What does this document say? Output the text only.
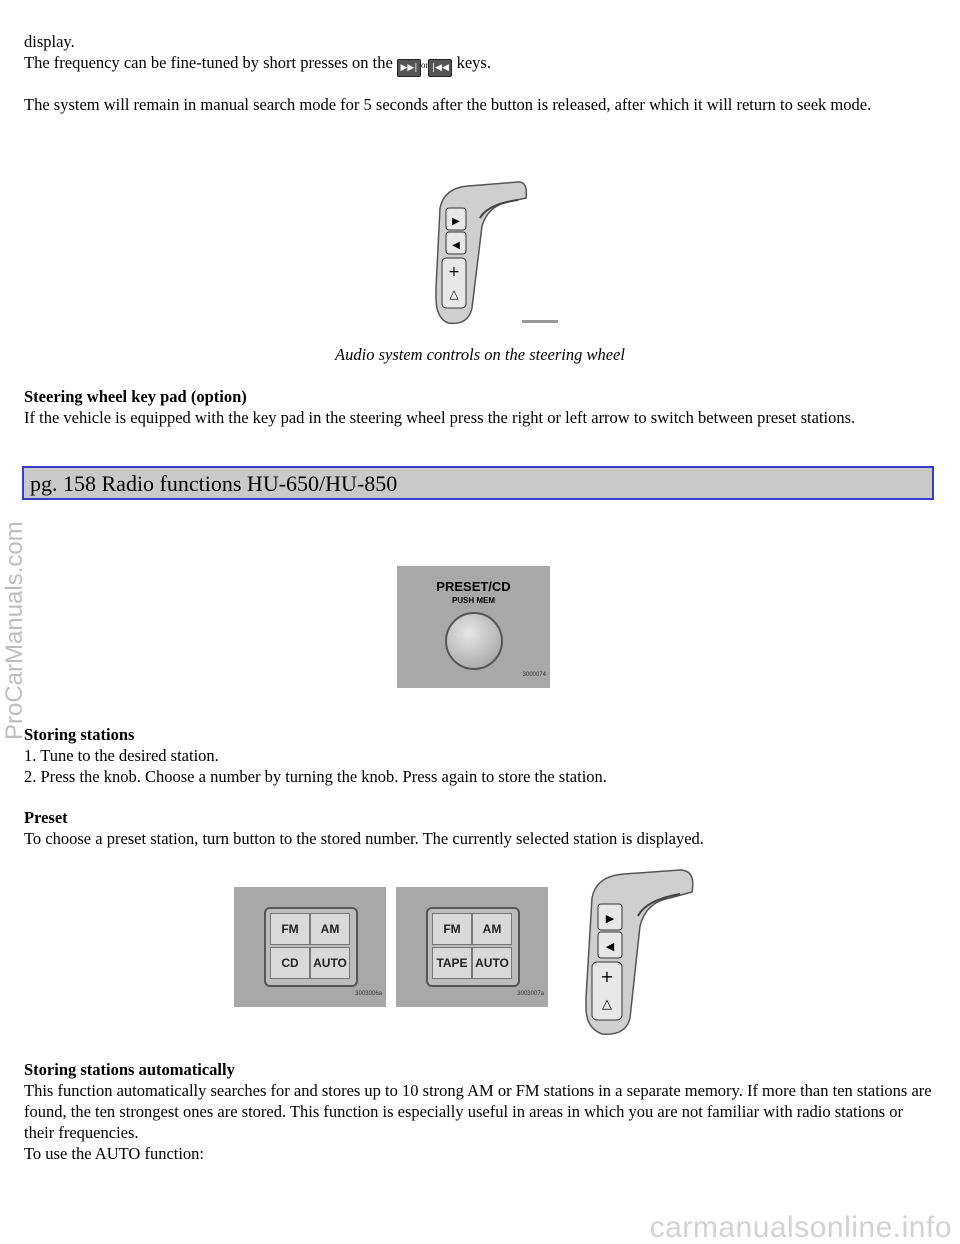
display.

The frequency can be fine-tuned by short presses on the ▶▶| or |◀◀ keys.

The system will remain in manual search mode for 5 seconds after the button is released, after which it will return to seek mode.

▶
◀
+
△

Audio system controls on the steering wheel

Steering wheel key pad (option)

If the vehicle is equipped with the key pad in the steering wheel press the right or left arrow to switch between preset stations.

pg. 158 Radio functions HU-650/HU-850
PRESET/CD
PUSH MEM
3000074
ProCarManuals.com

Storing stations

1. Tune to the desired station.

2. Press the knob. Choose a number by turning the knob. Press again to store the station.

Preset

To choose a preset station, turn button to the stored number. The currently selected station is displayed.

FM	AM
CD	AUTO
3003006a
FM	AM
TAPE AUTO
3003007a
▶
◀
+
△

Storing stations automatically

This function automatically searches for and stores up to 10 strong AM or FM stations in a separate memory. If more than ten stations are found, the ten strongest ones are stored. This function is especially useful in areas in which you are not familiar with radio stations or their frequencies.

To use the AUTO function:

carmanualsonline.info
